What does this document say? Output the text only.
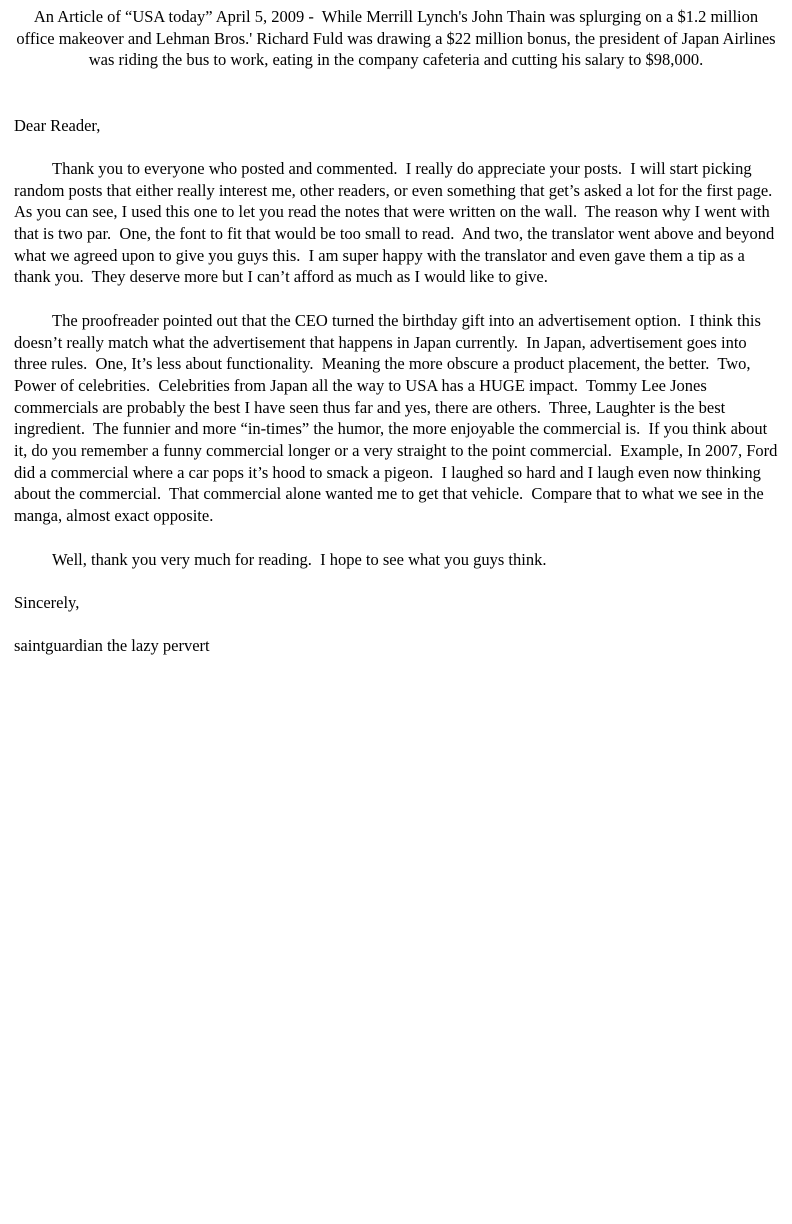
An Article of “USA today” April 5, 2009 -  While Merrill Lynch's John Thain was splurging on a $1.2 million office makeover and Lehman Bros.' Richard Fuld was drawing a $22 million bonus, the president of Japan Airlines was riding the bus to work, eating in the company cafeteria and cutting his salary to $98,000.

Dear Reader,

Thank you to everyone who posted and commented.  I really do appreciate your posts.  I will start picking random posts that either really interest me, other readers, or even something that get’s asked a lot for the first page.  As you can see, I used this one to let you read the notes that were written on the wall.  The reason why I went with that is two par.  One, the font to fit that would be too small to read.  And two, the translator went above and beyond what we agreed upon to give you guys this.  I am super happy with the translator and even gave them a tip as a thank you.  They deserve more but I can’t afford as much as I would like to give.

The proofreader pointed out that the CEO turned the birthday gift into an advertisement option.  I think this doesn’t really match what the advertisement that happens in Japan currently.  In Japan, advertisement goes into three rules.  One, It’s less about functionality.  Meaning the more obscure a product placement, the better.  Two, Power of celebrities.  Celebrities from Japan all the way to USA has a HUGE impact.  Tommy Lee Jones commercials are probably the best I have seen thus far and yes, there are others.  Three, Laughter is the best ingredient.  The funnier and more “in-times” the humor, the more enjoyable the commercial is.  If you think about it, do you remember a funny commercial longer or a very straight to the point commercial.  Example, In 2007, Ford did a commercial where a car pops it’s hood to smack a pigeon.  I laughed so hard and I laugh even now thinking about the commercial.  That commercial alone wanted me to get that vehicle.  Compare that to what we see in the manga, almost exact opposite.

Well, thank you very much for reading.  I hope to see what you guys think.

Sincerely,

saintguardian the lazy pervert
